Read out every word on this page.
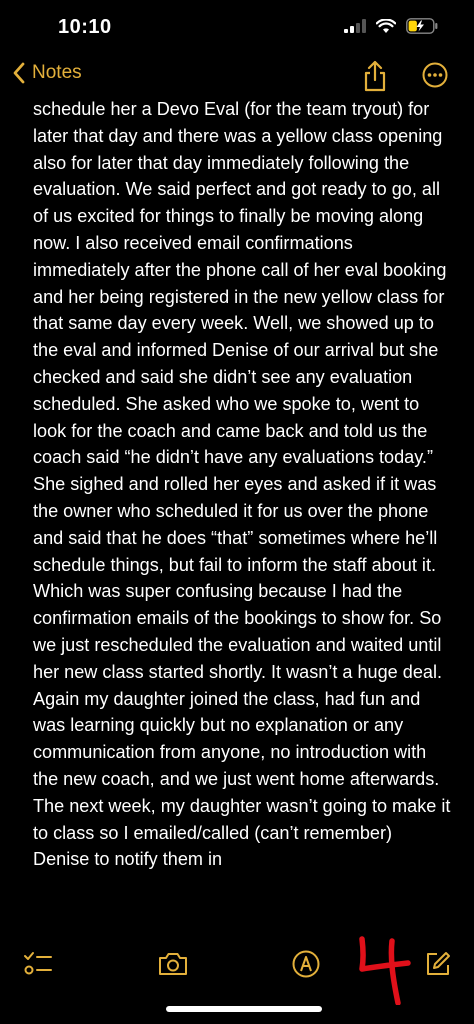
10:10
Notes
schedule her a Devo Eval (for the team tryout) for later that day and there was a yellow class opening also for later that day immediately following the evaluation. We said perfect and got ready to go, all of us excited for things to finally be moving along now. I also received email confirmations immediately after the phone call of her eval booking and her being registered in the new yellow class for that same day every week. Well, we showed up to the eval and informed Denise of our arrival but she checked and said she didn’t see any evaluation scheduled. She asked who we spoke to, went to look for the coach and came back and told us the coach said “he didn’t have any evaluations today.” She sighed and rolled her eyes and asked if it was the owner who scheduled it for us over the phone and said that he does “that” sometimes where he’ll schedule things, but fail to inform the staff about it. Which was super confusing because I had the confirmation emails of the bookings to show for. So we just rescheduled the evaluation and waited until her new class started shortly. It wasn’t a huge deal. Again my daughter joined the class, had fun and was learning quickly but no explanation or any communication from anyone, no introduction with the new coach, and we just went home afterwards. The next week, my daughter wasn’t going to make it to class so I emailed/called (can’t remember) Denise to notify them in
